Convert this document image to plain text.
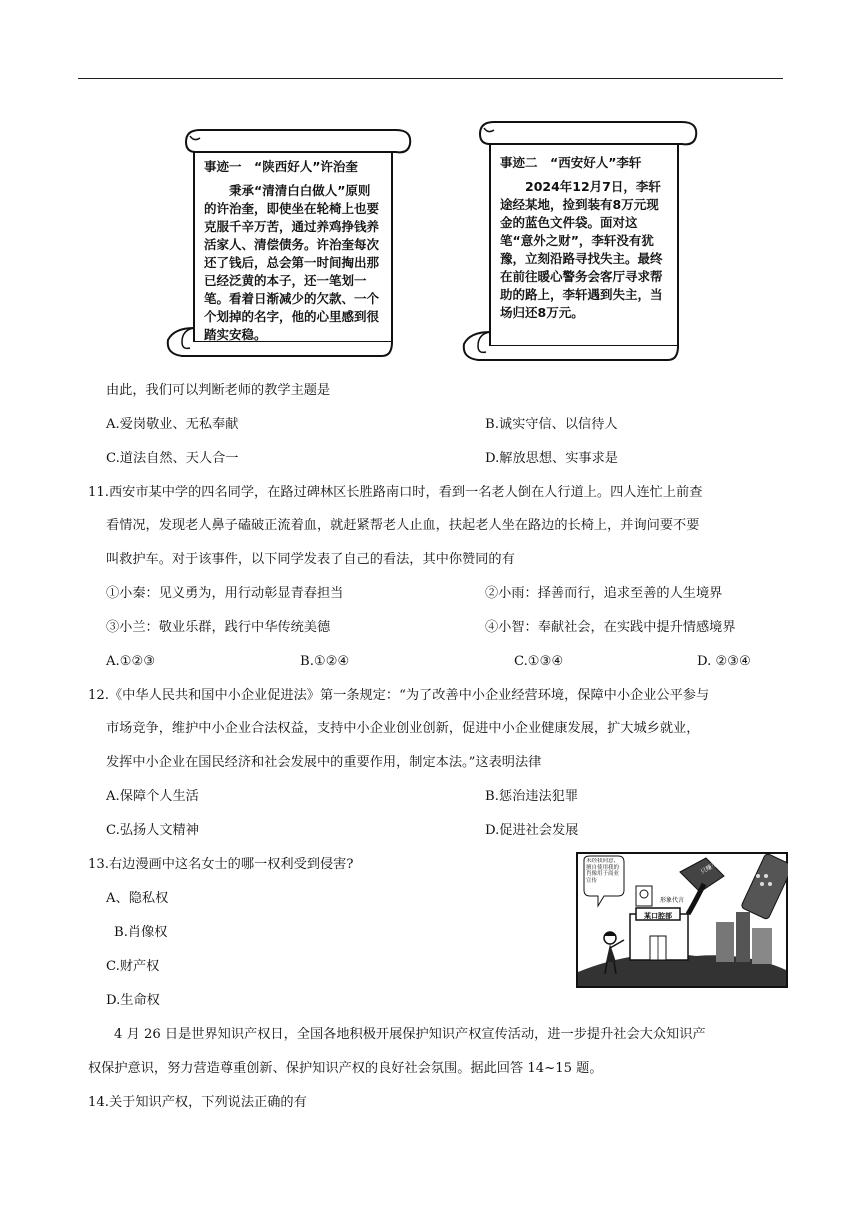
事迹一　“陕西好人”许治奎
秉承“清清白白做人”原则的许治奎，即使坐在轮椅上也要克服千辛万苦，通过养鸡挣钱养活家人、清偿债务。许治奎每次还了钱后，总会第一时间掏出那已经泛黄的本子，还一笔划一笔。看着日渐减少的欠款、一个个划掉的名字，他的心里感到很踏实安稳。
事迹二　“西安好人”李轩
2024年12月7日，李轩途经某地，捡到装有8万元现金的蓝色文件袋。面对这笔“意外之财”，李轩没有犹豫，立刻沿路寻找失主。最终在前往暖心警务会客厅寻求帮助的路上，李轩遇到失主，当场归还8万元。
由此，我们可以判断老师的教学主题是
A.爱岗敬业、无私奉献	B.诚实守信、以信待人
C.道法自然、天人合一	D.解放思想、实事求是
11.西安市某中学的四名同学，在路过碑林区长胜路南口时，看到一名老人倒在人行道上。四人连忙上前查
看情况，发现老人鼻子磕破正流着血，就赶紧帮老人止血，扶起老人坐在路边的长椅上，并询问要不要
叫救护车。对于该事件，以下同学发表了自己的看法，其中你赞同的有
①小秦：见义勇为，用行动彰显青春担当	②小雨：择善而行，追求至善的人生境界
③小兰：敬业乐群，践行中华传统美德	④小智：奉献社会，在实践中提升情感境界
A.①②③	B.①②④	C.①③④	D. ②③④
12.《中华人民共和国中小企业促进法》第一条规定：“为了改善中小企业经营环境，保障中小企业公平参与
市场竞争，维护中小企业合法权益，支持中小企业创业创新，促进中小企业健康发展，扩大城乡就业，
发挥中小企业在国民经济和社会发展中的重要作用，制定本法。”这表明法律
A.保障个人生活	B.惩治违法犯罪
C.弘扬人文精神	D.促进社会发展
13.右边漫画中这名女士的哪一权利受到侵害?
A、隐私权
B.肖像权
C.财产权
D.生命权
某口腔部
形象代言
只赚不赔
未经我同意，擅自使用我的肖像用于商业宣传
4 月 26 日是世界知识产权日，全国各地积极开展保护知识产权宣传活动，进一步提升社会大众知识产
权保护意识，努力营造尊重创新、保护知识产权的良好社会氛围。据此回答 14~15 题。
14.关于知识产权，下列说法正确的有
